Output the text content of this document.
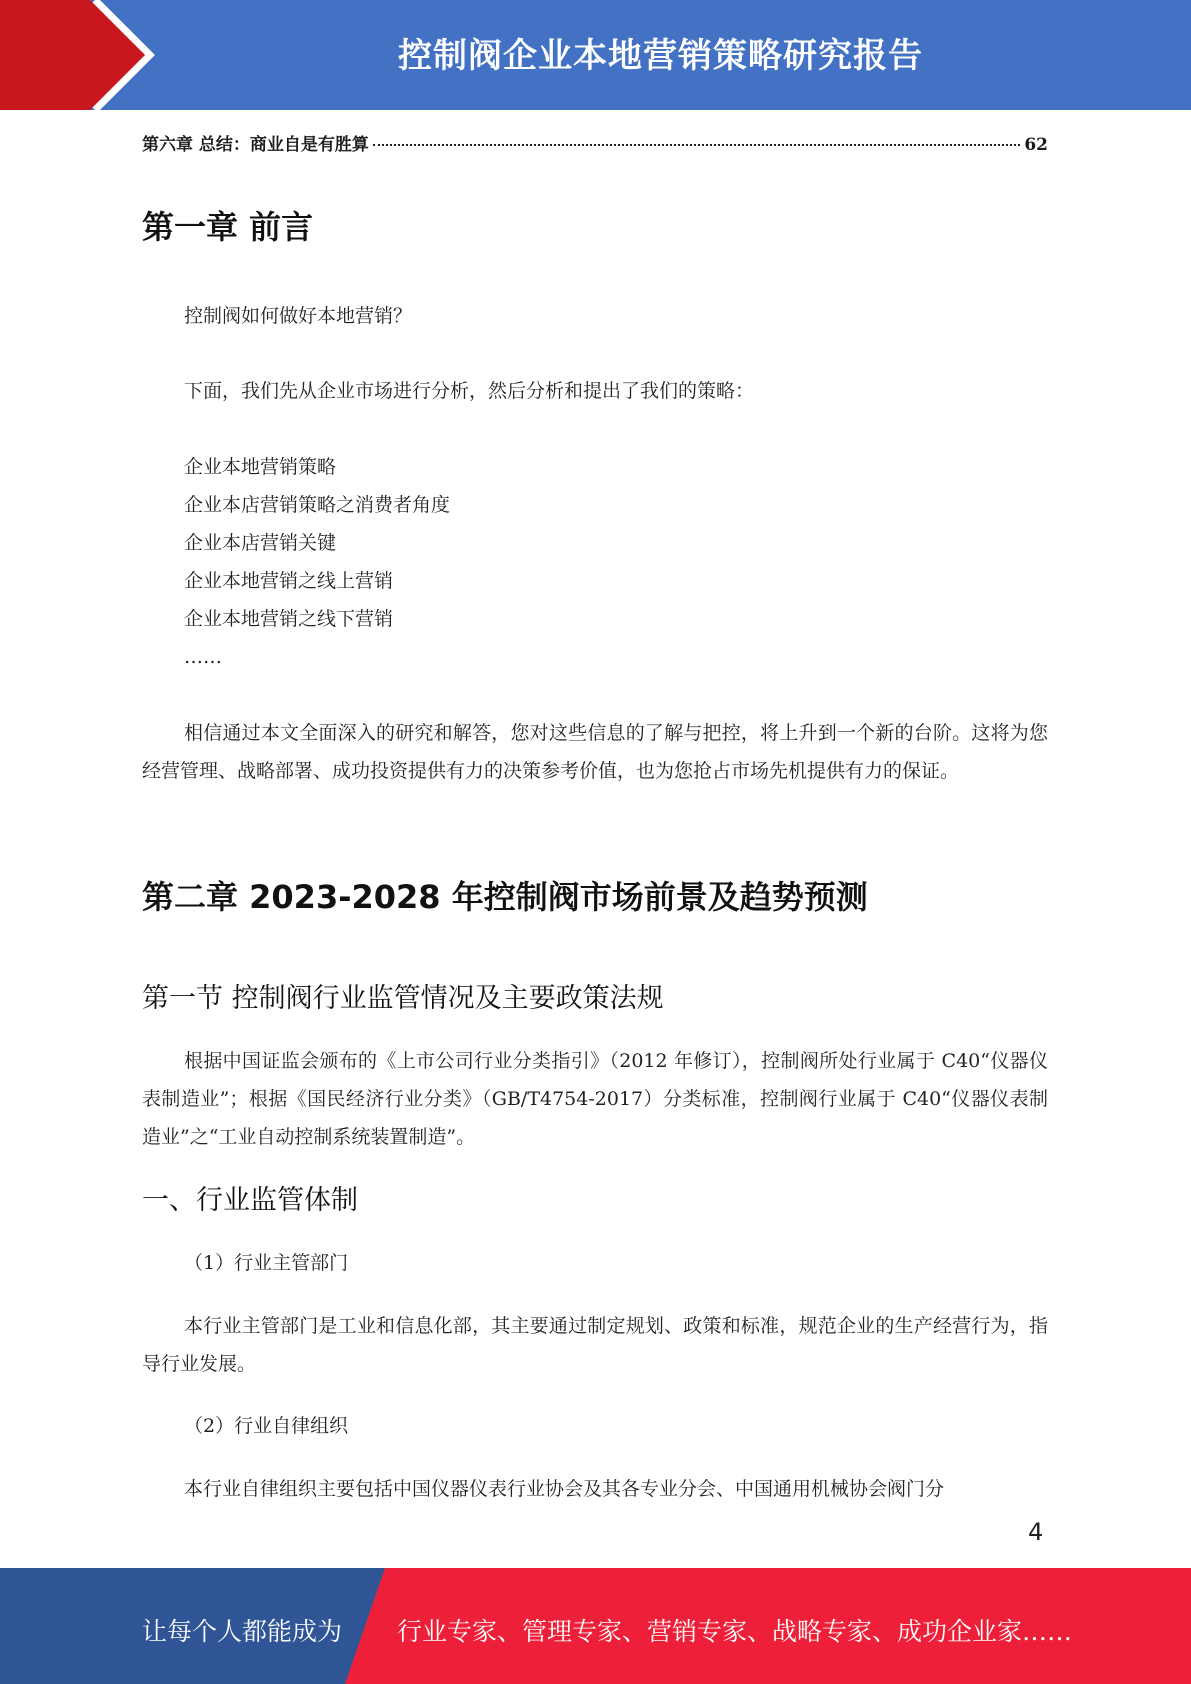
控制阀企业本地营销策略研究报告
第六章 总结：商业自是有胜算	62
第一章 前言
控制阀如何做好本地营销？
下面，我们先从企业市场进行分析，然后分析和提出了我们的策略：
企业本地营销策略
企业本店营销策略之消费者角度
企业本店营销关键
企业本地营销之线上营销
企业本地营销之线下营销
……
相信通过本文全面深入的研究和解答，您对这些信息的了解与把控，将上升到一个新的台阶。这将为您经营管理、战略部署、成功投资提供有力的决策参考价值，也为您抢占市场先机提供有力的保证。
第二章 2023-2028 年控制阀市场前景及趋势预测
第一节 控制阀行业监管情况及主要政策法规
根据中国证监会颁布的《上市公司行业分类指引》（2012 年修订），控制阀所处行业属于 C40“仪器仪表制造业”；根据《国民经济行业分类》（GB/T4754-2017）分类标准，控制阀行业属于 C40“仪器仪表制造业”之“工业自动控制系统装置制造”。
一、行业监管体制
（1）行业主管部门
本行业主管部门是工业和信息化部，其主要通过制定规划、政策和标准，规范企业的生产经营行为，指导行业发展。
（2）行业自律组织
本行业自律组织主要包括中国仪器仪表行业协会及其各专业分会、中国通用机械协会阀门分
4
让每个人都能成为 行业专家、管理专家、营销专家、战略专家、成功企业家……
